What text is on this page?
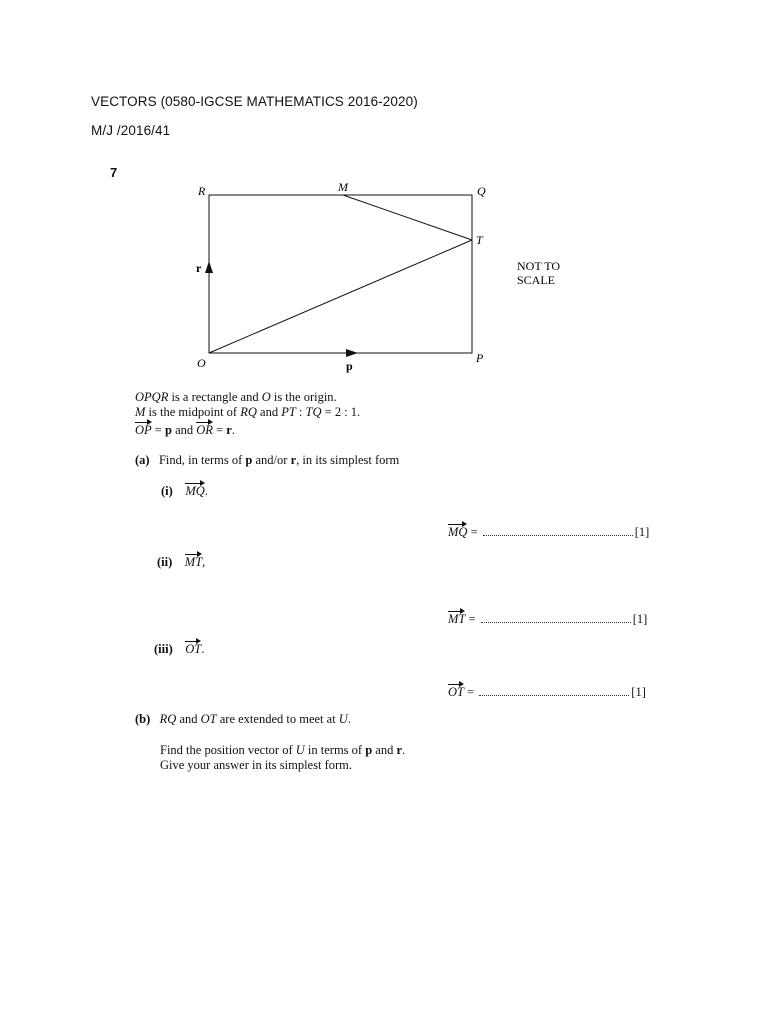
VECTORS (0580-IGCSE MATHEMATICS 2016-2020)
M/J /2016/41
7
R	M	Q
T
O	P
r
p
NOT TO
SCALE
OPQR is a rectangle and O is the origin.
M is the midpoint of RQ and PT : TQ = 2 : 1.
OP = p and OR = r.
(a) Find, in terms of p and/or r, in its simplest form
(i) MQ.
MQ =	[1]
(ii) MT,
MT =	[1]
(iii) OT.
OT =	[1]
(b) RQ and OT are extended to meet at U.
Find the position vector of U in terms of p and r.
Give your answer in its simplest form.
